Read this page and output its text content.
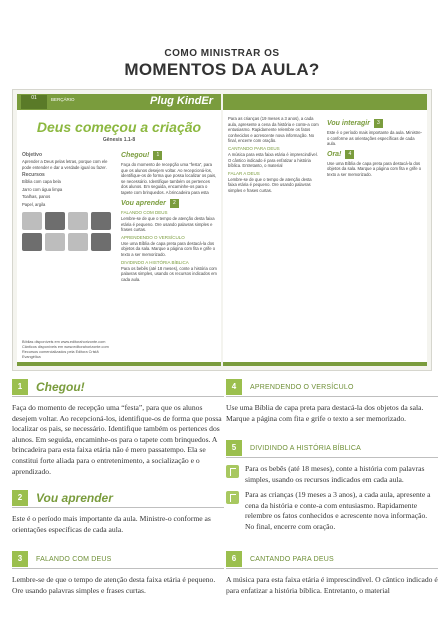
COMO MINISTRAR OS
MOMENTOS DA AULA?
01	BERÇÁRIO	Plug KindEr
Deus começou a criação
Gênesis 1.1-8
Objetivo

Aprender a Deus pelas letras, porque com ele pode entender e dar a verdade igual ou fazer.

Recursos

Bíblia com capa bela

Jarro com água limpa

Toalhas, panos

Papel, argila

Chegou!	1

Faça do momento de recepção uma “festa”, para que os alunos desejem voltar. Ao recepcioná-los, identifique-os de forma que possa localizar os pais, se necessário. Identifique também os pertences dos alunos. Em seguida, encaminhe-os para o tapete com brinquedos. A brincadeira para esta

Vou aprender	2
FALANDO COM DEUS

Lembre-se de que o tempo de atenção desta faixa etária é pequeno. Ore usando palavras simples e frases curtas.

APRENDENDO O VERSÍCULO

Use uma Bíblia de capa preta para destacá-la dos objetos da sala. Marque a página com fita e grife o texto a ser memorizado.

DIVIDINDO A HISTÓRIA BÍBLICA

Para os bebês (até 18 meses), conte a história com palavras simples, usando os recursos indicados em cada aula.

Bíblias disponíveis em www.editorahorizonte.com
Cânticos disponíveis em www.editorahorizonte.com
Recursos comercializados pela Editora Cristã Evangélica

Para as crianças (19 meses a 3 anos), a cada aula, apresente a cena da história e conte-a com entusiasmo. Rapidamente relembre os fatos conhecidos e acrescente nova informação. No final, encerre com oração.

CANTANDO PARA DEUS

A música para esta faixa etária é imprescindível. O cântico indicado é para enfatizar a história bíblica. Entretanto, o material

FALAR A DEUS

Lembre-se de que o tempo de atenção desta faixa etária é pequeno. Ore usando palavras simples e frases curtas.

Vou interagir	3

Este é o período mais importante da aula. Ministre-o conforme as orientações específicas de cada aula.

Ora!	4

Use uma Bíblia de capa preta para destacá-la dos objetos da sala. Marque a página com fita e grife o texto a ser memorizado.

1	Chegou!

Faça do momento de recepção uma “festa”, para que os alunos desejem voltar. Ao recepcioná-los, identifique-os de forma que possa localizar os pais, se necessário. Identifique também os pertences dos alunos. Em seguida, encaminhe-os para o tapete com brinquedos. A brincadeira para esta faixa etária não é mero passatempo. Ela se constitui forte aliada para o entretenimento, a socialização e o aprendizado.

2	Vou aprender

Este é o período mais importante da aula. Ministre-o conforme as orientações específicas de cada aula.

3	FALANDO COM DEUS

Lembre-se de que o tempo de atenção desta faixa etária é pequeno. Ore usando palavras simples e frases curtas.

4	APRENDENDO O VERSÍCULO

Use uma Bíblia de capa preta para destacá-la dos objetos da sala. Marque a página com fita e grife o texto a ser memorizado.

5	DIVIDINDO A HISTÓRIA BÍBLICA

Para os bebês (até 18 meses), conte a história com palavras simples, usando os recursos indicados em cada aula.

Para as crianças (19 meses a 3 anos), a cada aula, apresente a cena da história e conte-a com entusiasmo. Rapidamente relembre os fatos conhecidos e acrescente nova informação. No final, encerre com oração.

6	CANTANDO PARA DEUS

A música para esta faixa etária é imprescindível. O cântico indicado é para enfatizar a história bíblica. Entretanto, o material
